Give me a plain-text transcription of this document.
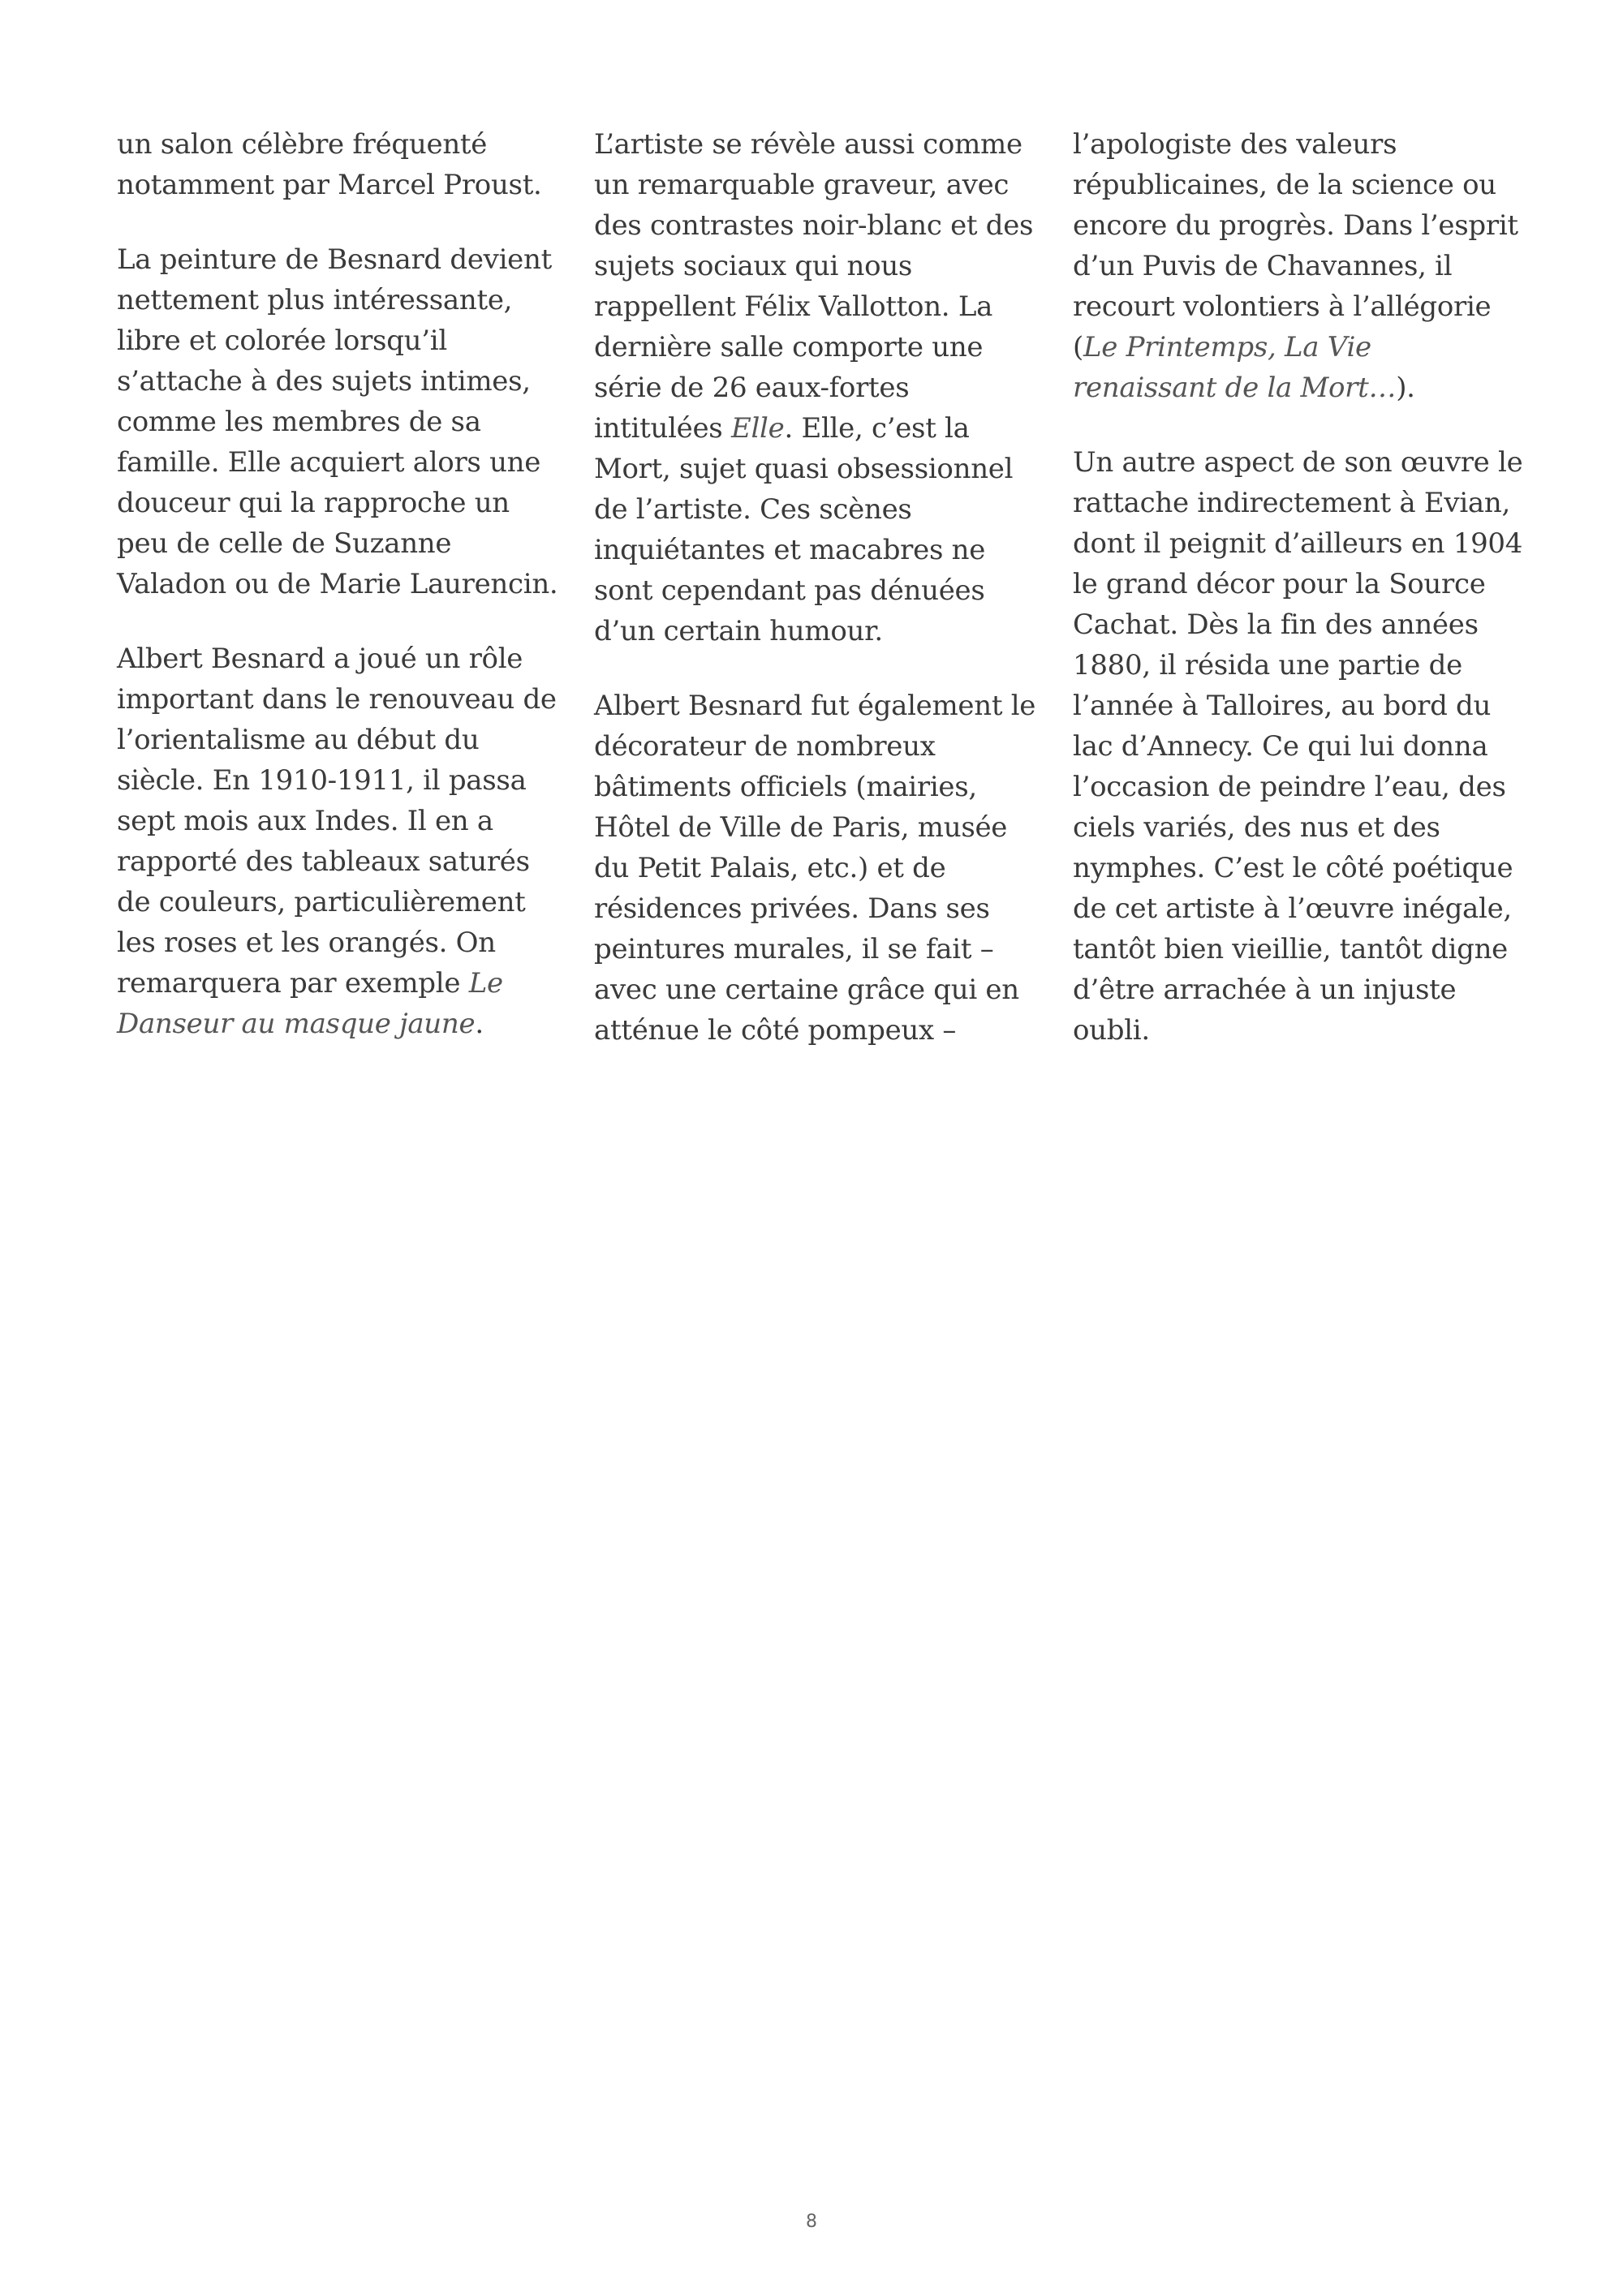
un salon célèbre fréquenté notamment par Marcel Proust.

La peinture de Besnard devient nettement plus intéressante, libre et colorée lorsqu’il s’attache à des sujets intimes, comme les membres de sa famille. Elle acquiert alors une douceur qui la rapproche un peu de celle de Suzanne Valadon ou de Marie Laurencin.

Albert Besnard a joué un rôle important dans le renouveau de l’orientalisme au début du siècle. En 1910-1911, il passa sept mois aux Indes. Il en a rapporté des tableaux saturés de couleurs, particulièrement les roses et les orangés. On remarquera par exemple Le Danseur au masque jaune.

L’artiste se révèle aussi comme un remarquable graveur, avec des contrastes noir-blanc et des sujets sociaux qui nous rappellent Félix Vallotton. La dernière salle comporte une série de 26 eaux-fortes intitulées Elle. Elle, c’est la Mort, sujet quasi obsessionnel de l’artiste. Ces scènes inquiétantes et macabres ne sont cependant pas dénuées d’un certain humour.

Albert Besnard fut également le décorateur de nombreux bâtiments officiels (mairies, Hôtel de Ville de Paris, musée du Petit Palais, etc.) et de résidences privées. Dans ses peintures murales, il se fait – avec une certaine grâce qui en atténue le côté pompeux –

l’apologiste des valeurs républicaines, de la science ou encore du progrès. Dans l’esprit d’un Puvis de Chavannes, il recourt volontiers à l’allégorie (Le Printemps, La Vie renaissant de la Mort…).

Un autre aspect de son œuvre le rattache indirectement à Evian, dont il peignit d’ailleurs en 1904 le grand décor pour la Source Cachat. Dès la fin des années 1880, il résida une partie de l’année à Talloires, au bord du lac d’Annecy. Ce qui lui donna l’occasion de peindre l’eau, des ciels variés, des nus et des nymphes. C’est le côté poétique de cet artiste à l’œuvre inégale, tantôt bien vieillie, tantôt digne d’être arrachée à un injuste oubli.

8
